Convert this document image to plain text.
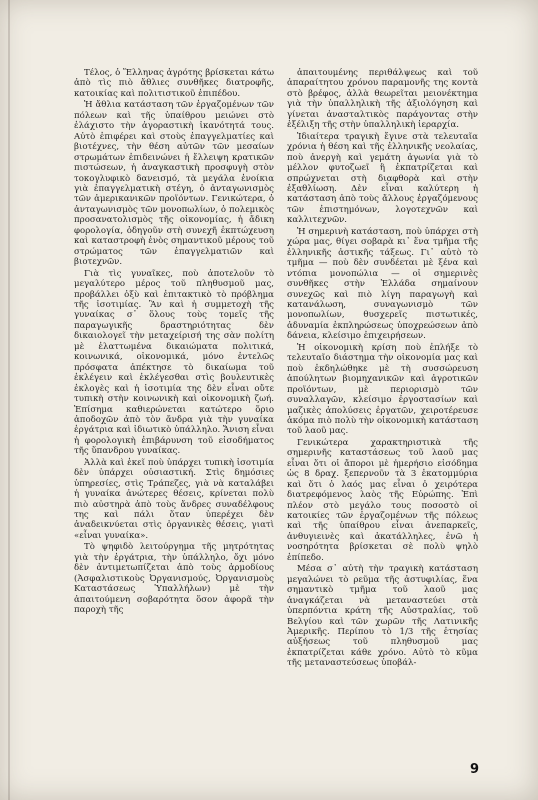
Τέλος, ὁ Ἕλληνας ἀγρότης βρίσκεται κάτω ἀπὸ τὶς πιὸ ἄθλιες συνθῆκες διατροφῆς, κατοικίας καὶ πολιτιστικοῦ ἐπιπέδου.

Ἡ ἄθλια κατάσταση τῶν ἐργαζομένων τῶν πόλεων καὶ τῆς ὑπαίθρου μειώνει στὸ ἐλάχιστο τὴν ἀγοραστικὴ ἱκανότητά τους. Αὐτὸ ἐπιφέρει καὶ στοὺς ἐπαγγελματίες καὶ βιοτέχνες, τὴν θέση αὐτῶν τῶν μεσαίων στρωμάτων ἐπιδεινώνει ἡ ἔλλειψη κρατικῶν πιστώσεων, ἡ ἀναγκαστικὴ προσφυγὴ στὸν τοκογλυφικὸ δανεισμό, τὰ μεγάλα ἐνοίκια γιὰ ἐπαγγελματικὴ στέγη, ὁ ἀνταγωνισμὸς τῶν ἀμερικανικῶν προϊόντων. Γενικώτερα, ὁ ἀνταγωνισμὸς τῶν μονοπωλίων, ὁ πολεμικὸς προσανατολισμὸς τῆς οἰκονομίας, ἡ ἄδικη φορολογία, ὁδηγοῦν στὴ συνεχῆ ἐκπτώχευση καὶ καταστροφὴ ἑνὸς σημαντικοῦ μέρους τοῦ στρώματος τῶν ἐπαγγελματιῶν καὶ βιοτεχνῶν.

Γιὰ τὶς γυναῖκες, ποὺ ἀποτελοῦν τὸ μεγαλύτερο μέρος τοῦ πληθυσμοῦ μας, προβάλλει ὀξὺ καὶ ἐπιτακτικὸ τὸ πρόβλημα τῆς ἰσοτιμίας. Ἂν καὶ ἡ συμμετοχὴ τῆς γυναίκας σ᾽ ὅλους τοὺς τομεῖς τῆς παραγωγικῆς δραστηριότητας δὲν δικαιολογεῖ τὴν μεταχείρισή της σὰν πολίτη μὲ ἐλαττωμένα δικαιώματα πολιτικά, κοινωνικά, οἰκονομικά, μόνο ἐντελῶς πρόσφατα ἀπέκτησε τὸ δικαίωμα τοῦ ἐκλέγειν καὶ ἐκλέγεσθαι στὶς βουλευτικὲς ἐκλογὲς καὶ ἡ ἰσοτιμία της δὲν εἶναι οὔτε τυπικὴ στὴν κοινωνικὴ καὶ οἰκονομικὴ ζωή. Ἐπίσημα καθιερώνεται κατώτερο ὅριο ἀποδοχῶν ἀπὸ τὸν ἄνδρα γιὰ τὴν γυναίκα ἐργάτρια καὶ ἰδιωτικὸ ὑπάλληλο. Ἄνιση εἶναι ἡ φορολογικὴ ἐπιβάρυνση τοῦ εἰσοδήματος τῆς ὕπανδρου γυναίκας.

Ἀλλὰ καὶ ἐκεῖ ποὺ ὑπάρχει τυπικὴ ἰσοτιμία δὲν ὑπάρχει οὐσιαστική. Στὶς δημόσιες ὑπηρεσίες, στὶς Τράπεζες, γιὰ νὰ καταλάβει ἡ γυναίκα ἀνώτερες θέσεις, κρίνεται πολὺ πιὸ αὐστηρὰ ἀπὸ τοὺς ἄνδρες συναδέλφους της καὶ πάλι ὅταν ὑπερέχει δὲν ἀναδεικνύεται στὶς ὀργανικὲς θέσεις, γιατὶ «εἶναι γυναίκα».

Τὸ ψηφιδὸ λειτούργημα τῆς μητρότητας γιὰ τὴν ἐργάτρια, τὴν ὑπάλληλο, ὄχι μόνο δὲν ἀντιμετωπίζεται ἀπὸ τοὺς ἁρμοδίους (Ἀσφαλιστικοὺς Ὀργανισμούς, Ὀργανισμοὺς Καταστάσεως Ὑπαλλήλων) μὲ τὴν ἀπαιτούμενη σοβαρότητα ὅσον ἀφορᾶ τὴν παροχὴ τῆς

ἀπαιτουμένης περιθάλψεως καὶ τοῦ ἀπαραίτητου χρόνου παραμονῆς της κοντὰ στὸ βρέφος, ἀλλὰ θεωρεῖται μειονέκτημα γιὰ τὴν ὑπαλληλικὴ τῆς ἀξιολόγηση καὶ γίνεται ἀνασταλτικὸς παράγοντας στὴν ἐξέλιξη τῆς στὴν ὑπαλληλικὴ ἱεραρχία.

Ἰδιαίτερα τραγικὴ ἔγινε στὰ τελευταῖα χρόνια ἡ θέση καὶ τῆς ἑλληνικῆς νεολαίας, ποὺ ἀνεργὴ καὶ γεμάτη ἀγωνία γιὰ τὸ μέλλον φυτοζωεῖ ἢ ἐκπατρίζεται καὶ σπρώχνεται στὴ διαφθορὰ καὶ στὴν ἐξαθλίωση. Δὲν εἶναι καλύτερη ἡ κατάσταση ἀπὸ τοὺς ἄλλους ἐργαζόμενους τῶν ἐπιστημόνων, λογοτεχνῶν καὶ καλλιτεχνῶν.

Ἡ σημερινὴ κατάσταση, ποὺ ὑπάρχει στὴ χώρα μας, θίγει σοβαρὰ κι᾽ ἕνα τμῆμα τῆς ἑλληνικῆς ἀστικῆς τάξεως. Γι᾽ αὐτὸ τὸ τμῆμα — ποὺ δὲν συνδέεται μὲ ξένα καὶ ντόπια μονοπώλια — οἱ σημερινὲς συνθῆκες στὴν Ἑλλάδα σημαίνουν συνεχῶς καὶ πιὸ λίγη παραγωγὴ καὶ κατανάλωση, συναγωνισμὸ τῶν μονοπωλίων, θυσχερεῖς πιστωτικές, ἀδυναμία ἐκπληρώσεως ὑποχρεώσεων ἀπὸ δάνεια, κλείσιμο ἐπιχειρήσεων.

Ἡ οἰκονομικὴ κρίση ποὺ ἐπλήξε τὸ τελευταῖο διάστημα τὴν οἰκονομία μας καὶ ποὺ ἐκδηλώθηκε μὲ τὴ συσσώρευση ἀπούλητων βιομηχανικῶν καὶ ἀγροτικῶν προϊόντων, μὲ περιορισμὸ τῶν συναλλαγῶν, κλείσιμο ἐργοστασίων καὶ μαζικὲς ἀπολύσεις ἐργατῶν, χειροτέρευσε ἀκόμα πιὸ πολὺ τὴν οἰκονομικὴ κατάσταση τοῦ λαοῦ μας.

Γενικώτερα χαρακτηριστικὰ τῆς σημερινῆς καταστάσεως τοῦ λαοῦ μας εἶναι ὅτι οἱ ἄποροι μὲ ἡμερήσιο εἰσόδημα ὡς 8 δραχ. ξεπερνοῦν τὰ 3 ἑκατομμύρια καὶ ὅτι ὁ λαός μας εἶναι ὁ χειρότερα διατρεφόμενος λαὸς τῆς Εὐρώπης. Ἐπὶ πλέον στὸ μεγάλο τους ποσοστὸ οἱ κατοικίες τῶν ἐργαζομένων τῆς πόλεως καὶ τῆς ὑπαίθρου εἶναι ἀνεπαρκεῖς, ἀνθυγιεινὲς καὶ ἀκατάλληλες, ἐνῶ ἡ νοσηρότητα βρίσκεται σὲ πολὺ ψηλὸ ἐπίπεδο.

Μέσα σ᾽ αὐτὴ τὴν τραγικὴ κατάσταση μεγαλώνει τὸ ρεῦμα τῆς ἀστυφιλίας, ἕνα σημαντικὸ τμῆμα τοῦ λαοῦ μας ἀναγκάζεται νὰ μεταναστεύει στὰ ὑπερπόντια κράτη τῆς Αὐστραλίας, τοῦ Βελγίου καὶ τῶν χωρῶν τῆς Λατινικῆς Ἀμερικῆς. Περίπου τὸ 1/3 τῆς ἐτησίας αὐξήσεως τοῦ πληθυσμοῦ μας ἐκπατρίζεται κάθε χρόνο. Αὐτὸ τὸ κῦμα τῆς μεταναστεύσεως ὑποβάλ-

9
